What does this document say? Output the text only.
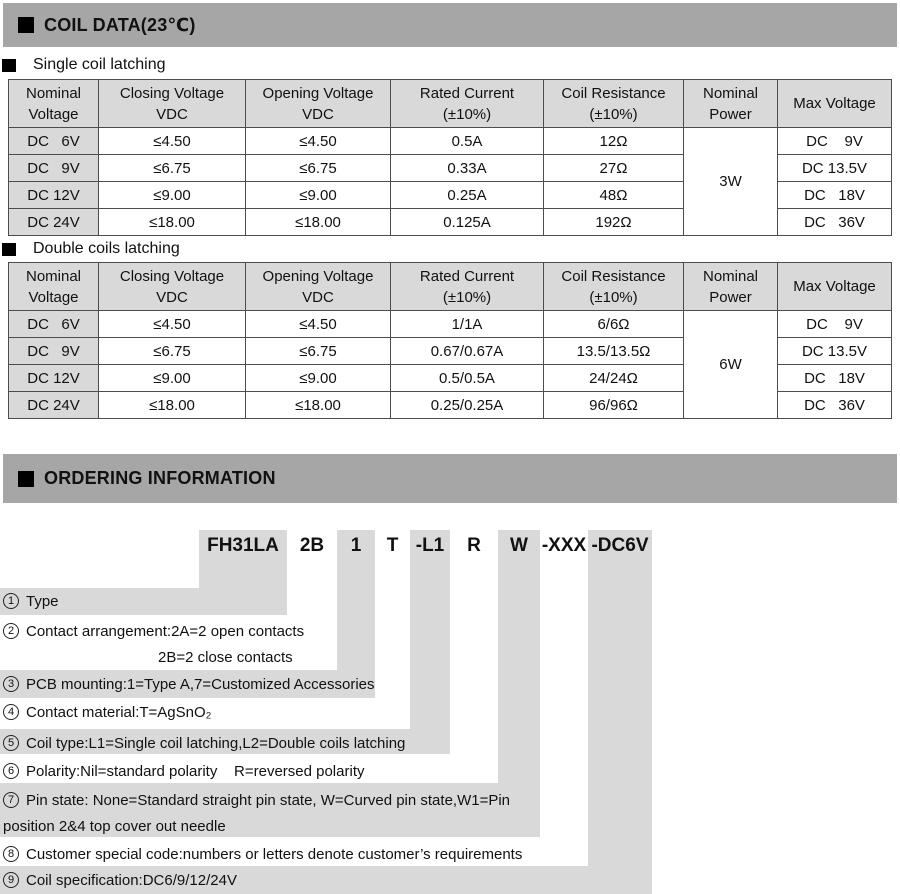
COIL DATA(23℃)
Single coil latching
Nominal
Voltage

Closing Voltage
VDC

Opening Voltage
VDC

Rated Current
(±10%)

Coil Resistance
(±10%)

Nominal
Power

Max Voltage

DC   6V	≤4.50	≤4.50	0.5A	12Ω	3W	DC    9V
DC   9V	≤6.75	≤6.75	0.33A	27Ω		DC 13.5V
DC 12V	≤9.00	≤9.00	0.25A	48Ω		DC   18V
DC 24V	≤18.00	≤18.00	0.125A	192Ω		DC   36V
Double coils latching
Nominal
Voltage

Closing Voltage
VDC

Opening Voltage
VDC

Rated Current
(±10%)

Coil Resistance
(±10%)

Nominal
Power

Max Voltage

DC   6V	≤4.50	≤4.50	1/1A	6/6Ω	6W	DC    9V
DC   9V	≤6.75	≤6.75	0.67/0.67A	13.5/13.5Ω		DC 13.5V
DC 12V	≤9.00	≤9.00	0.5/0.5A	24/24Ω		DC   18V
DC 24V	≤18.00	≤18.00	0.25/0.25A	96/96Ω		DC   36V
ORDERING INFORMATION
FH31LA	2B	1	T -L1	R	W -XXX -DC6V
1 Type
2 Contact arrangement:2A=2 open contacts
2B=2 close contacts
3 PCB mounting:1=Type A,7=Customized Accessories
4 Contact material:T=AgSnO₂
5 Coil type:L1=Single coil latching,L2=Double coils latching
6 Polarity:Nil=standard polarity    R=reversed polarity
7 Pin state: None=Standard straight pin state, W=Curved pin state,W1=Pin
position 2&4 top cover out needle
8 Customer special code:numbers or letters denote customer’s requirements
9 Coil specification:DC6/9/12/24V
